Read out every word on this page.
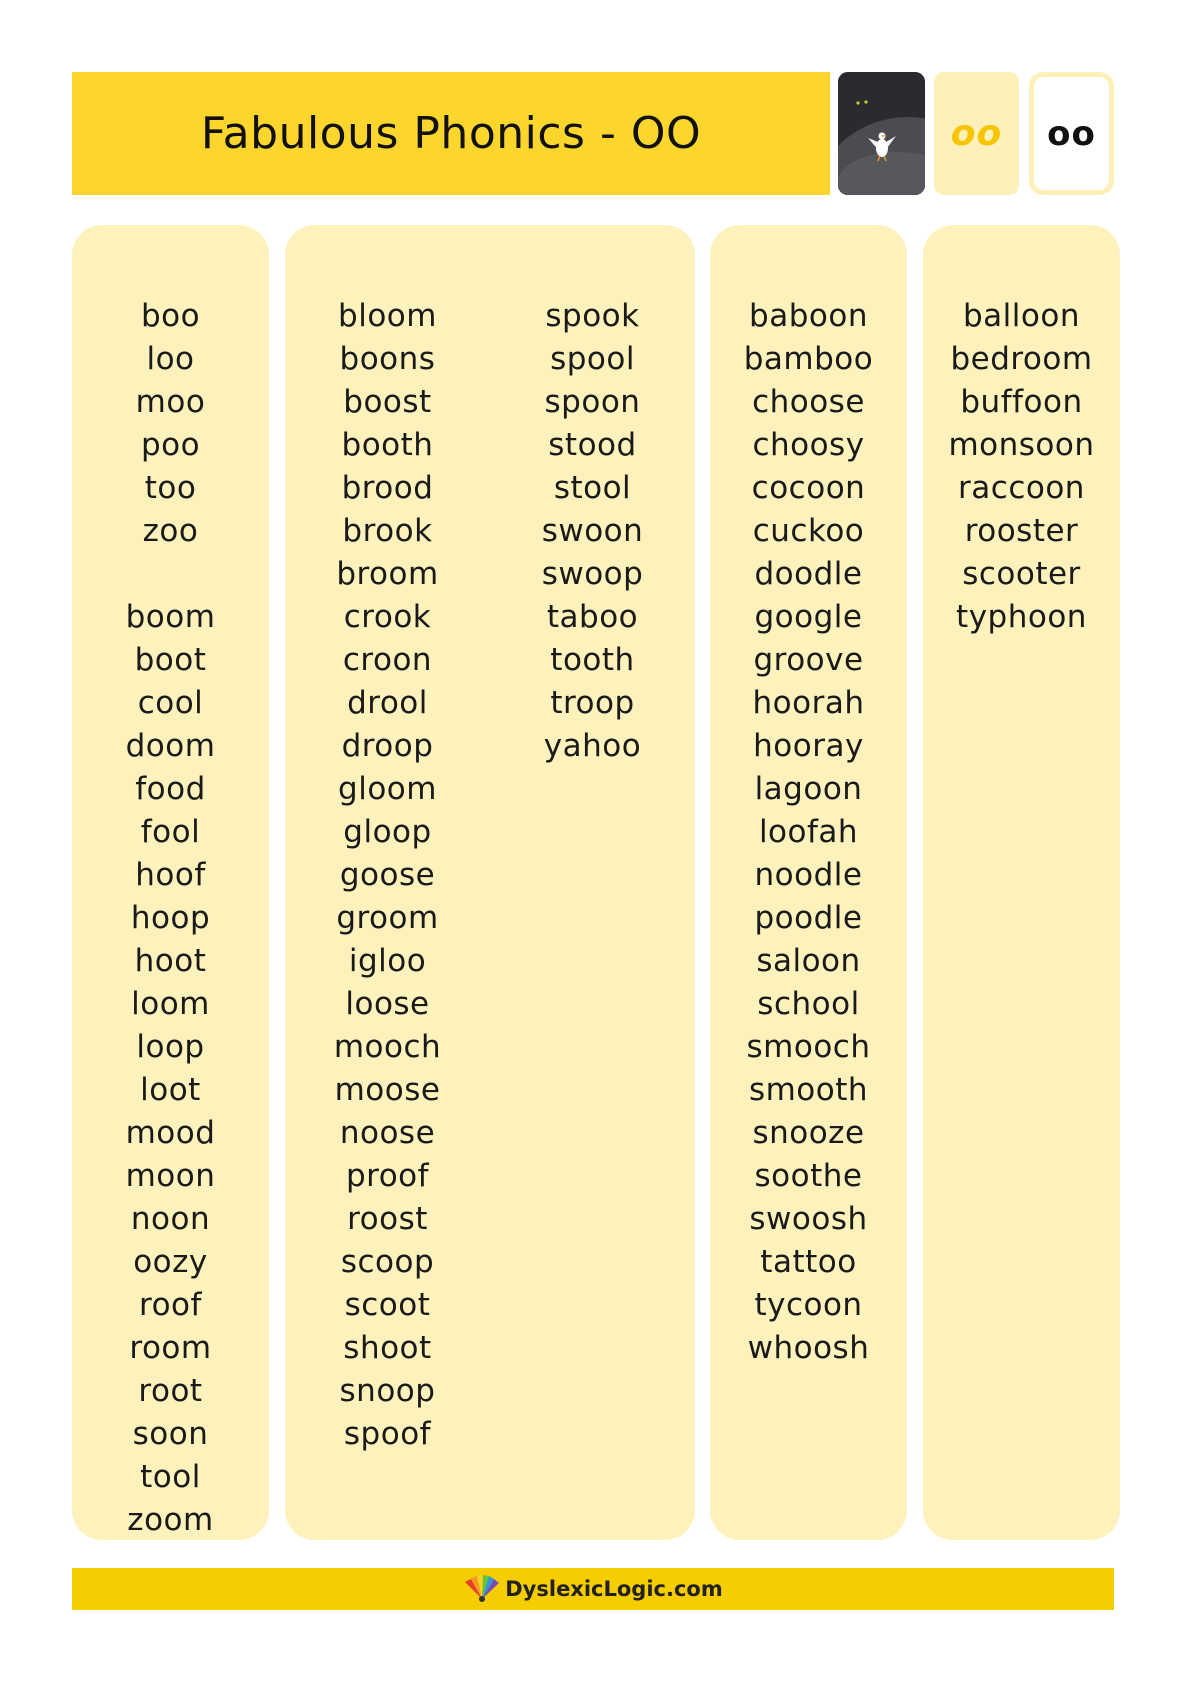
Fabulous Phonics - OO	oo oo
boo
loo
moo
poo
too
zoo
boom
boot
cool
doom
food
fool
hoof
hoop
hoot
loom
loop
loot
mood
moon
noon
oozy
roof
room
root
soon
tool
zoom
bloom
boons
boost
booth
brood
brook
broom
crook
croon
drool
droop
gloom
gloop
goose
groom
igloo
loose
mooch
moose
noose
proof
roost
scoop
scoot
shoot
snoop
spoof
spook
spool
spoon
stood
stool
swoon
swoop
taboo
tooth
troop
yahoo
baboon
bamboo
choose
choosy
cocoon
cuckoo
doodle
google
groove
hoorah
hooray
lagoon
loofah
noodle
poodle
saloon
school
smooch
smooth
snooze
soothe
swoosh
tattoo
tycoon
whoosh
balloon
bedroom
buffoon
monsoon
raccoon
rooster
scooter
typhoon
DyslexicLogic.com
